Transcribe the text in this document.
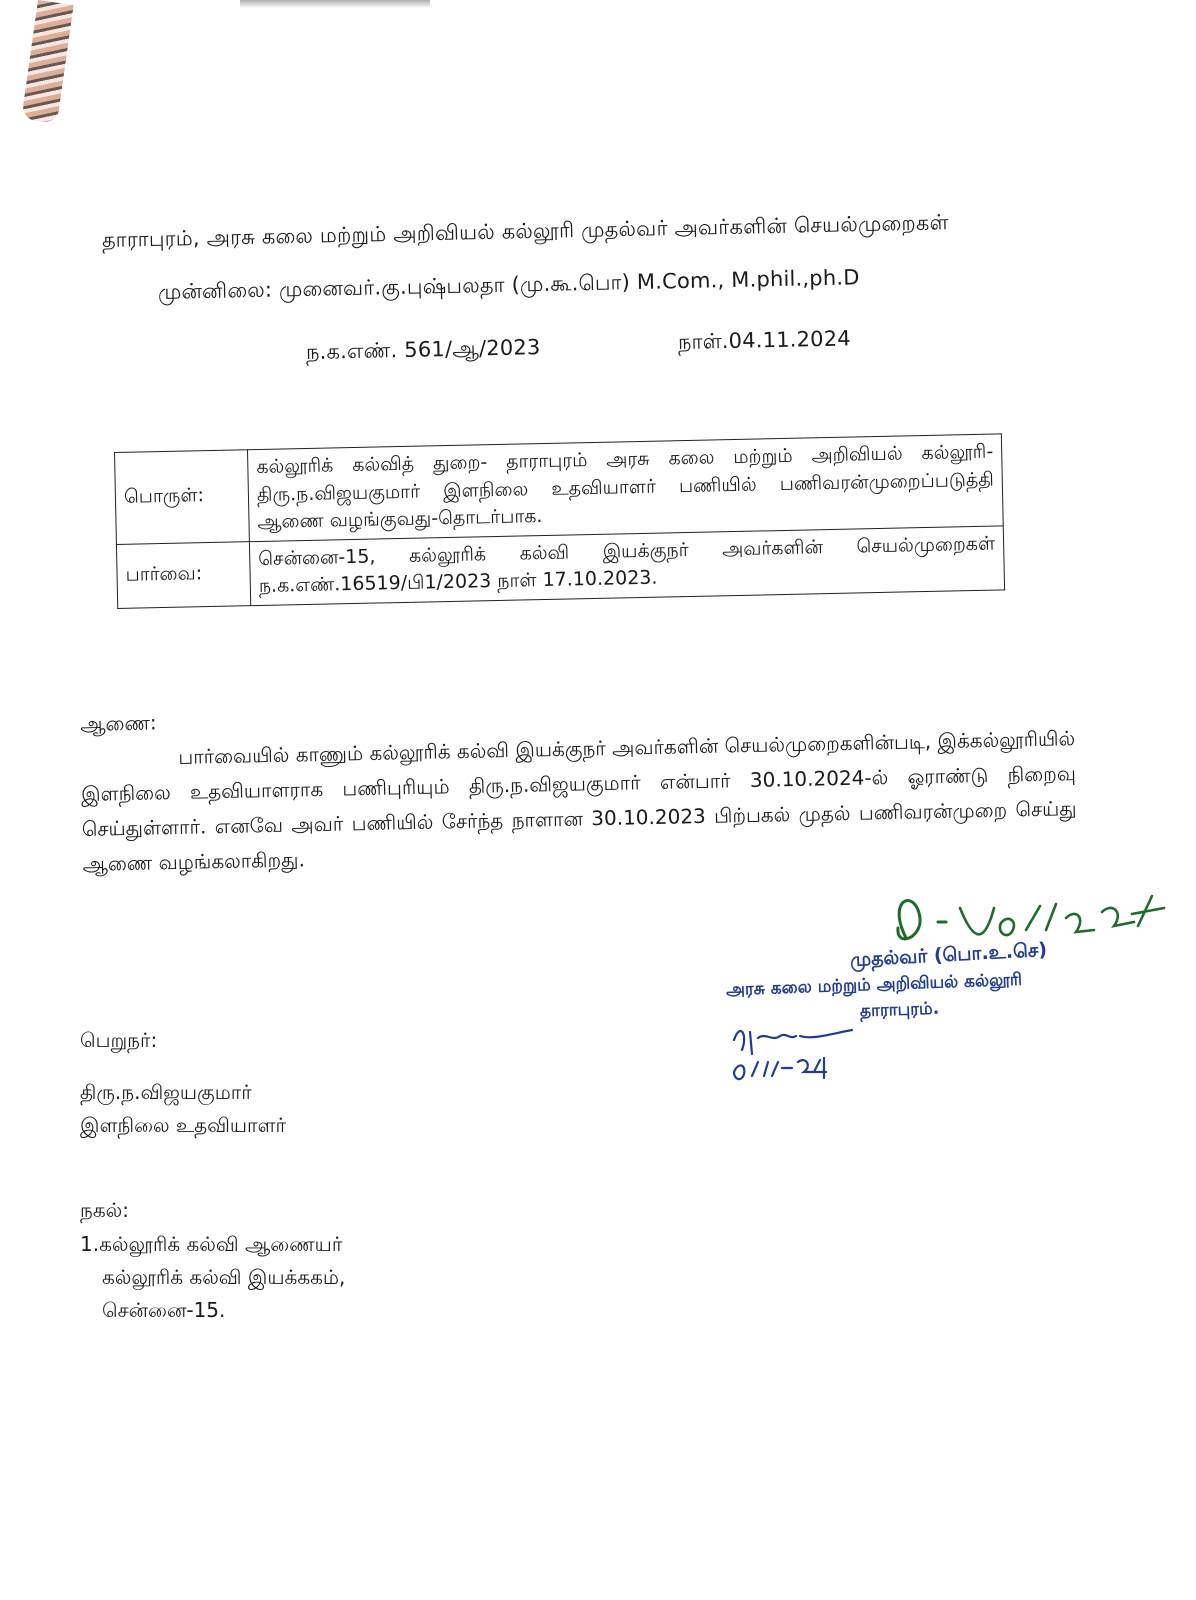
தாராபுரம், அரசு கலை மற்றும் அறிவியல் கல்லூரி முதல்வர் அவர்களின் செயல்முறைகள்
முன்னிலை: முனைவர்.கு.புஷ்பலதா (மு.கூ.பொ) M.Com., M.phil.,ph.D
ந.க.எண். 561/ஆ/2023	நாள்.04.11.2024
பொருள்:	கல்லூரிக் கல்வித் துறை- தாராபுரம் அரசு கலை மற்றும் அறிவியல் கல்லூரி- திரு.ந.விஜயகுமார் இளநிலை உதவியாளர் பணியில் பணிவரன்முறைப்படுத்தி ஆணை வழங்குவது-தொடர்பாக.
பார்வை:	சென்னை-15, கல்லூரிக் கல்வி இயக்குநர் அவர்களின் செயல்முறைகள் ந.க.எண்.16519/பி1/2023 நாள் 17.10.2023.
ஆணை:
பார்வையில் காணும் கல்லூரிக் கல்வி இயக்குநர் அவர்களின் செயல்முறைகளின்படி, இக்கல்லூரியில் இளநிலை உதவியாளராக பணிபுரியும் திரு.ந.விஜயகுமார் என்பார் 30.10.2024-ல் ஓராண்டு நிறைவு செய்துள்ளார். எனவே அவர் பணியில் சேர்ந்த நாளான 30.10.2023 பிற்பகல் முதல் பணிவரன்முறை செய்து ஆணை வழங்கலாகிறது.
முதல்வர் (பொ.உ.செ)
அரசு கலை மற்றும் அறிவியல் கல்லூரி
தாராபுரம்.
பெறுநர்:
திரு.ந.விஜயகுமார்
இளநிலை உதவியாளர்
நகல்:
1.கல்லூரிக் கல்வி ஆணையர்
கல்லூரிக் கல்வி இயக்ககம்,
சென்னை-15.
